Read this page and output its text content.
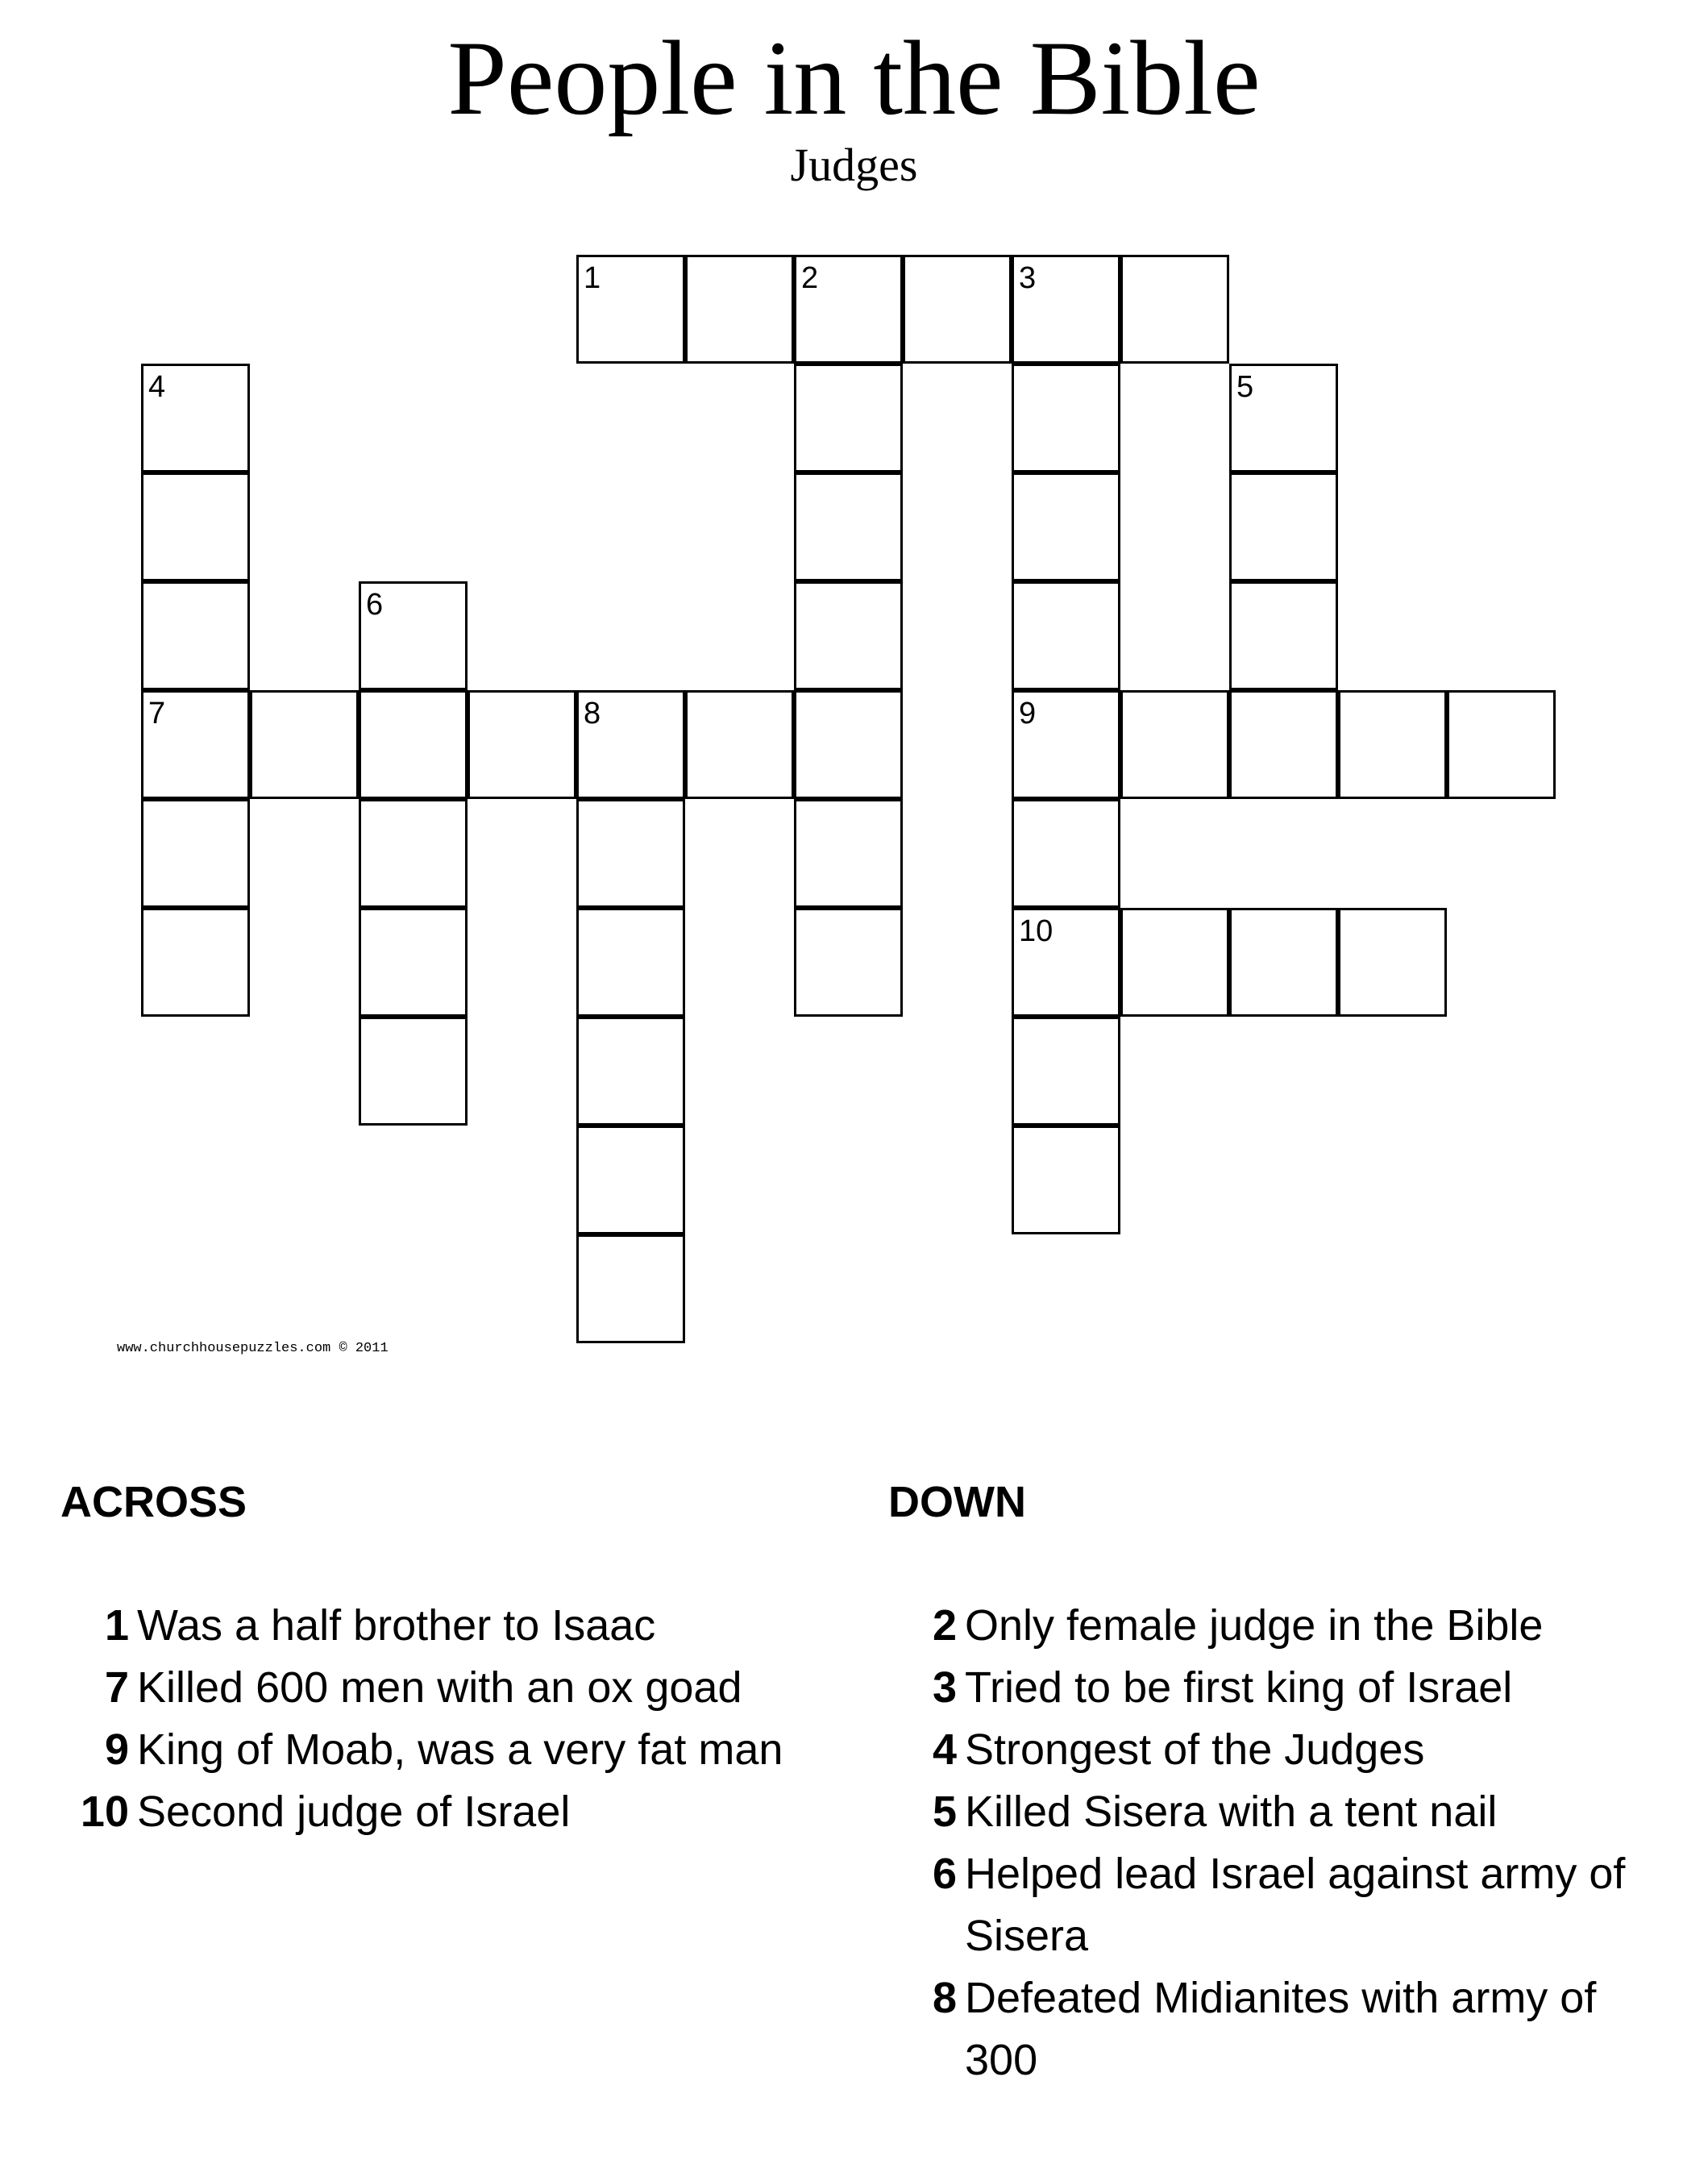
People in the Bible
Judges
1	2	3
4	5
6
7	8	9
10
www.churchhousepuzzles.com © 2011
ACROSS	DOWN
1 Was a half brother to Isaac
7 Killed 600 men with an ox goad
9 King of Moab, was a very fat man
10 Second judge of Israel
2 Only female judge in the Bible
3 Tried to be first king of Israel
4 Strongest of the Judges
5 Killed Sisera with a tent nail
6 Helped lead Israel against army of Sisera
8 Defeated Midianites with army of 300
